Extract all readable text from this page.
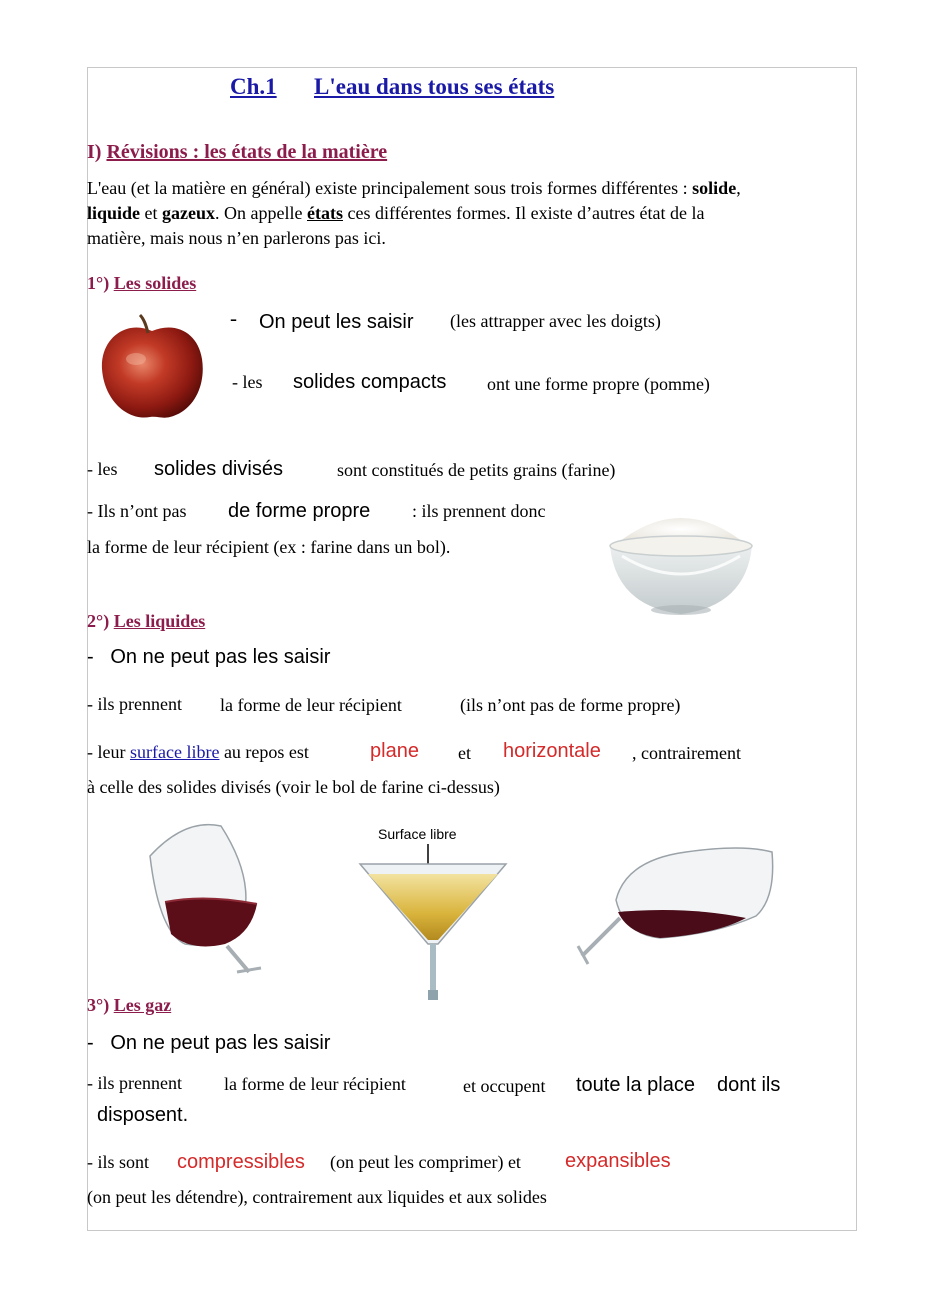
Ch.1 L'eau dans tous ses états
I) Révisions : les états de la matière
L'eau (et la matière en général) existe principalement sous trois formes différentes : solide,
liquide et gazeux. On appelle états ces différentes formes. Il existe d’autres état de la
matière, mais nous n’en parlerons pas ici.
1°) Les solides
- On peut les saisir (les attrapper avec les doigts)
- les solides compacts ont une forme propre (pomme)
- les solides divisés	sont constitués de petits grains (farine)
- Ils n’ont pas de forme propre : ils prennent donc
la forme de leur récipient (ex : farine dans un bol).
2°) Les liquides
-   On ne peut pas les saisir
- ils prennent la forme de leur récipient	(ils n’ont pas de forme propre)
- leur surface libre au repos est	plane et horizontale , contrairement
à celle des solides divisés (voir le bol de farine ci-dessus)
Surface libre
3°) Les gaz
-   On ne peut pas les saisir
- ils prennent la forme de leur récipient	et occupent toute la place dont ils
disposent.
- ils sont compressibles (on peut les comprimer) et expansibles
(on peut les détendre), contrairement aux liquides et aux solides
